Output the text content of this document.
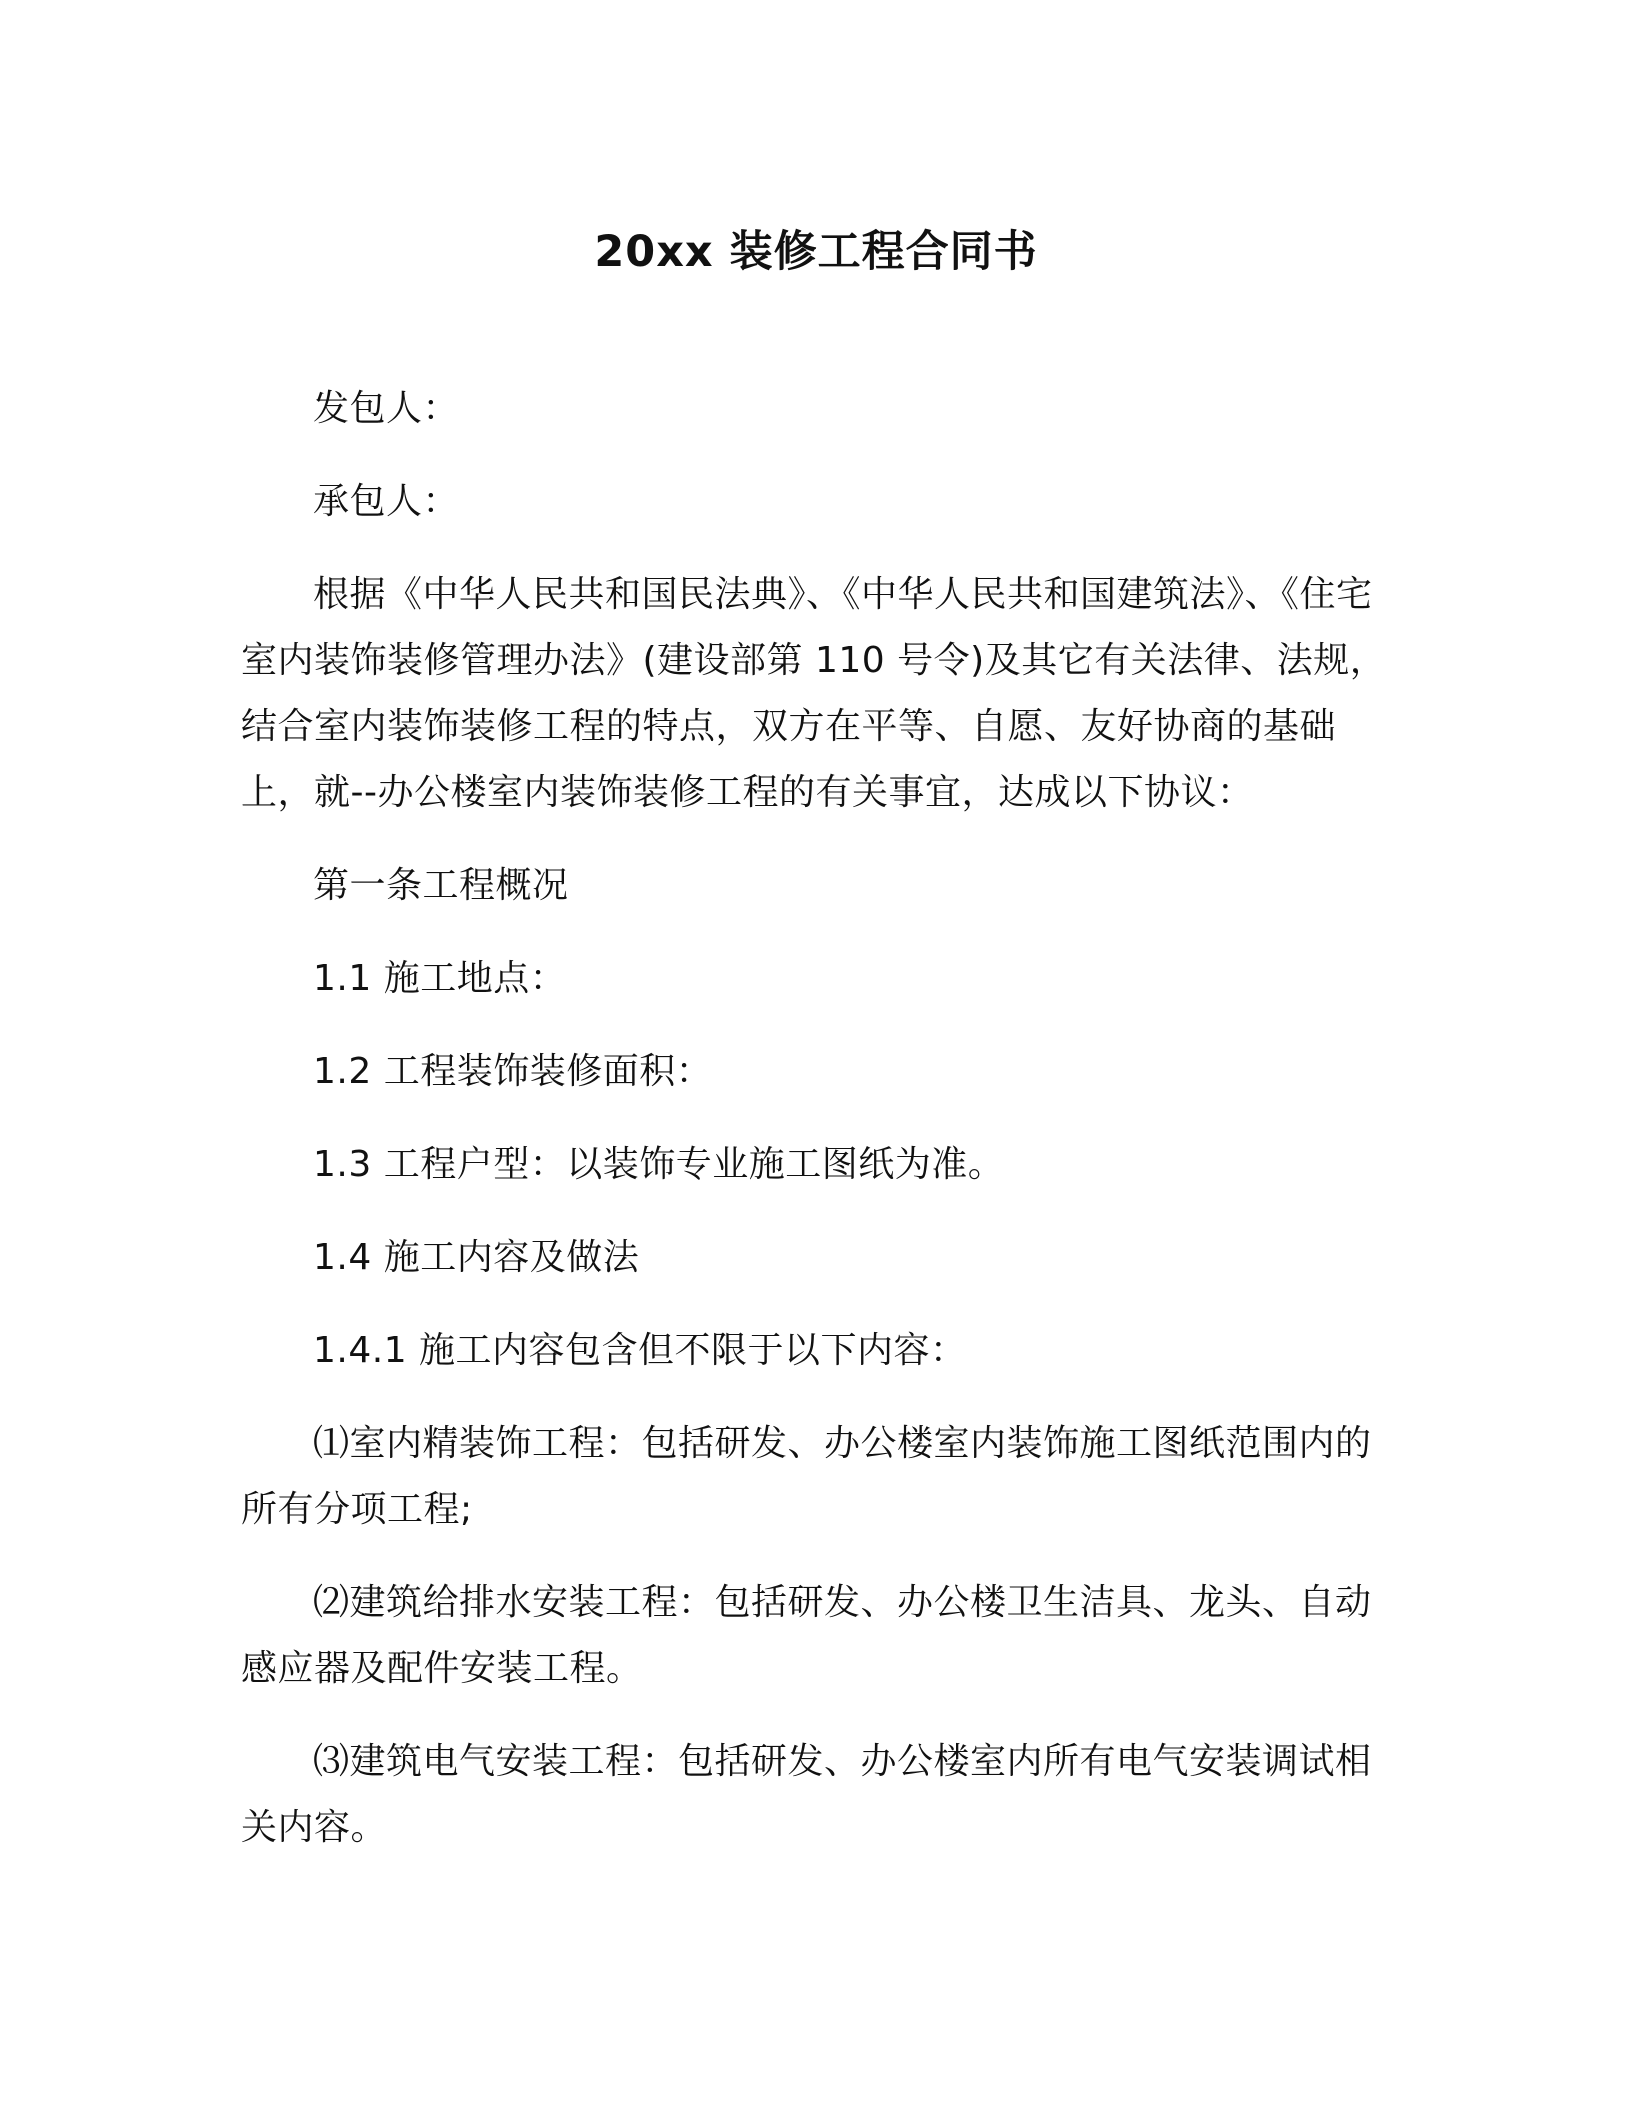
20xx 装修工程合同书

发包人：

承包人：

根据《中华人民共和国民法典》、《中华人民共和国建筑法》、《住宅室内装饰装修管理办法》(建设部第 110 号令)及其它有关法律、法规，结合室内装饰装修工程的特点，双方在平等、自愿、友好协商的基础上，就--办公楼室内装饰装修工程的有关事宜，达成以下协议：

第一条工程概况

1.1 施工地点：

1.2 工程装饰装修面积：

1.3 工程户型：以装饰专业施工图纸为准。

1.4 施工内容及做法

1.4.1 施工内容包含但不限于以下内容：

⑴室内精装饰工程：包括研发、办公楼室内装饰施工图纸范围内的所有分项工程;

⑵建筑给排水安装工程：包括研发、办公楼卫生洁具、龙头、自动感应器及配件安装工程。

⑶建筑电气安装工程：包括研发、办公楼室内所有电气安装调试相关内容。
